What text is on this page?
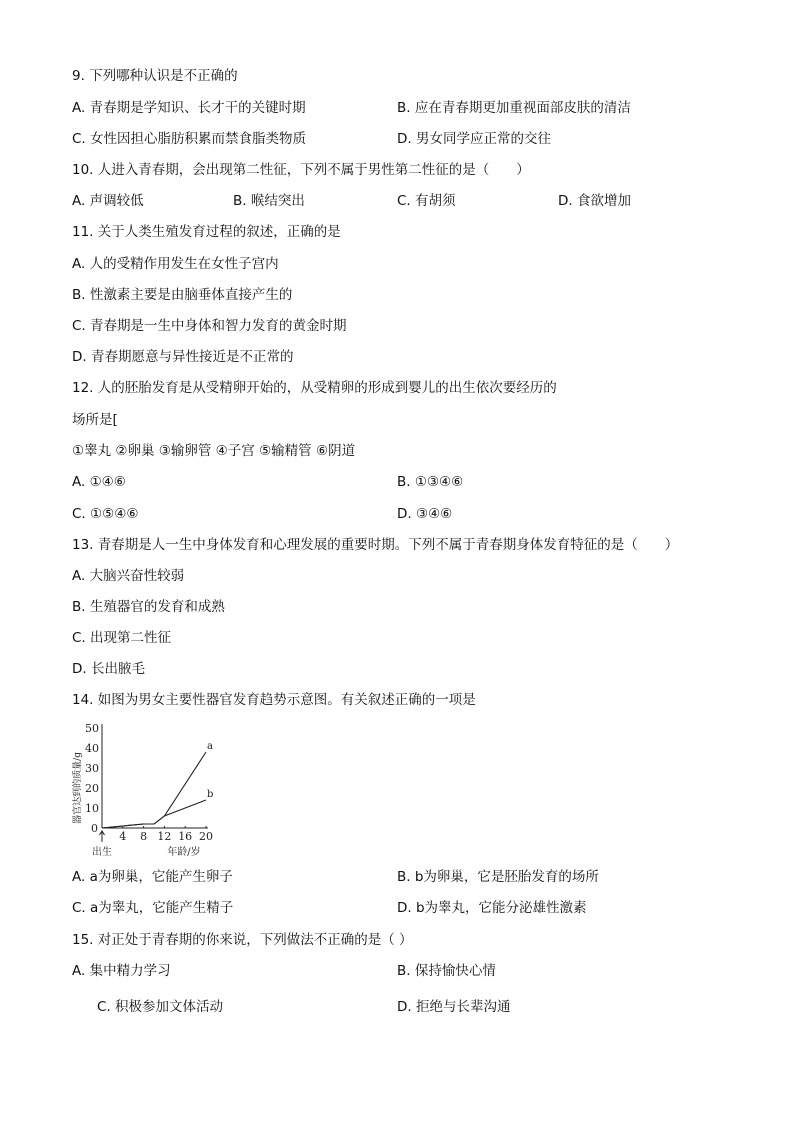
9. 下列哪种认识是不正确的
A. 青春期是学知识、长才干的关键时期	B. 应在青春期更加重视面部皮肤的清洁
C. 女性因担心脂肪积累而禁食脂类物质	D. 男女同学应正常的交往
10. 人进入青春期，会出现第二性征，下列不属于男性第二性征的是（　　）
A. 声调较低	B. 喉结突出	C. 有胡须	D. 食欲增加
11. 关于人类生殖发育过程的叙述，正确的是
A. 人的受精作用发生在女性子宫内
B. 性激素主要是由脑垂体直接产生的
C. 青春期是一生中身体和智力发育的黄金时期
D. 青春期愿意与异性接近是不正常的
12. 人的胚胎发育是从受精卵开始的，从受精卵的形成到婴儿的出生依次要经历的
场所是[
①睾丸 ②卵巢 ③输卵管 ④子宫 ⑤输精管 ⑥阴道
A. ①④⑥	B. ①③④⑥
C. ①⑤④⑥	D. ③④⑥
13. 青春期是人一生中身体发育和心理发展的重要时期。下列不属于青春期身体发育特征的是（　　）
A. 大脑兴奋性较弱
B. 生殖器官的发育和成熟
C. 出现第二性征
D. 长出腋毛
14. 如图为男女主要性器官发育趋势示意图。有关叙述正确的一项是
10
20
30
40
50
0
4 8 12 16 20
a
b
器官达到的质量/g
年龄/岁
出生
A. a为卵巢，它能产生卵子	B. b为卵巢，它是胚胎发育的场所
C. a为睾丸，它能产生精子	D. b为睾丸，它能分泌雄性激素
15. 对正处于青春期的你来说，下列做法不正确的是（ ）
A. 集中精力学习	B. 保持愉快心情
C. 积极参加文体活动	D. 拒绝与长辈沟通
